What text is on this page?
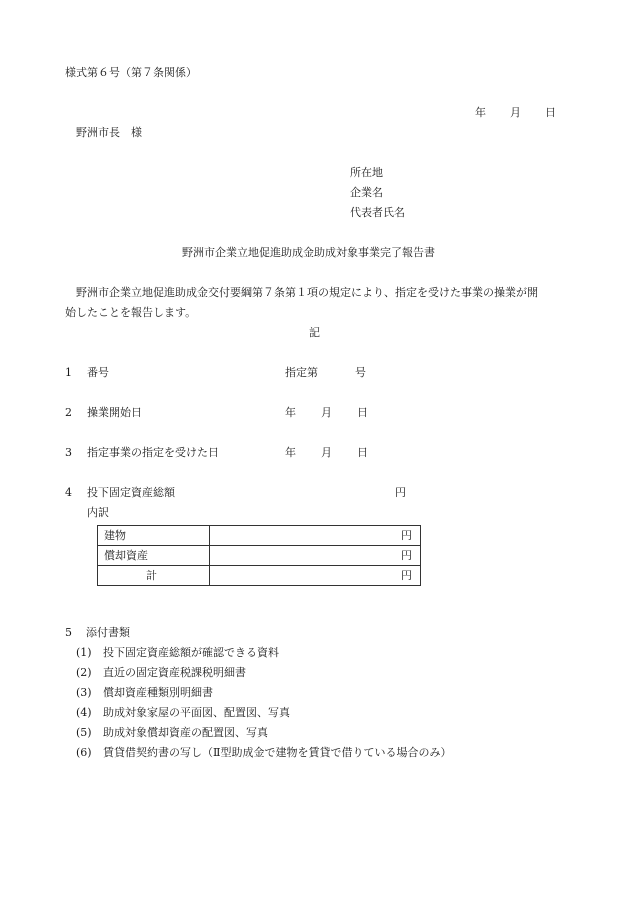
様式第６号（第７条関係）
年 月 日
野洲市長　様
所在地
企業名
代表者氏名
野洲市企業立地促進助成金助成対象事業完了報告書
野洲市企業立地促進助成金交付要綱第７条第１項の規定により、指定を受けた事業の操業が開
始したことを報告します。
記
1 番号	指定第	号
2 操業開始日	年 月 日
3 指定事業の指定を受けた日	年 月 日
4 投下固定資産総額	円
内訳
建物	円
償却資産	円
計	円
5 添付書類
(1) 投下固定資産総額が確認できる資料
(2) 直近の固定資産税課税明細書
(3) 償却資産種類別明細書
(4) 助成対象家屋の平面図、配置図、写真
(5) 助成対象償却資産の配置図、写真
(6) 賃貸借契約書の写し（Ⅱ型助成金で建物を賃貸で借りている場合のみ）
